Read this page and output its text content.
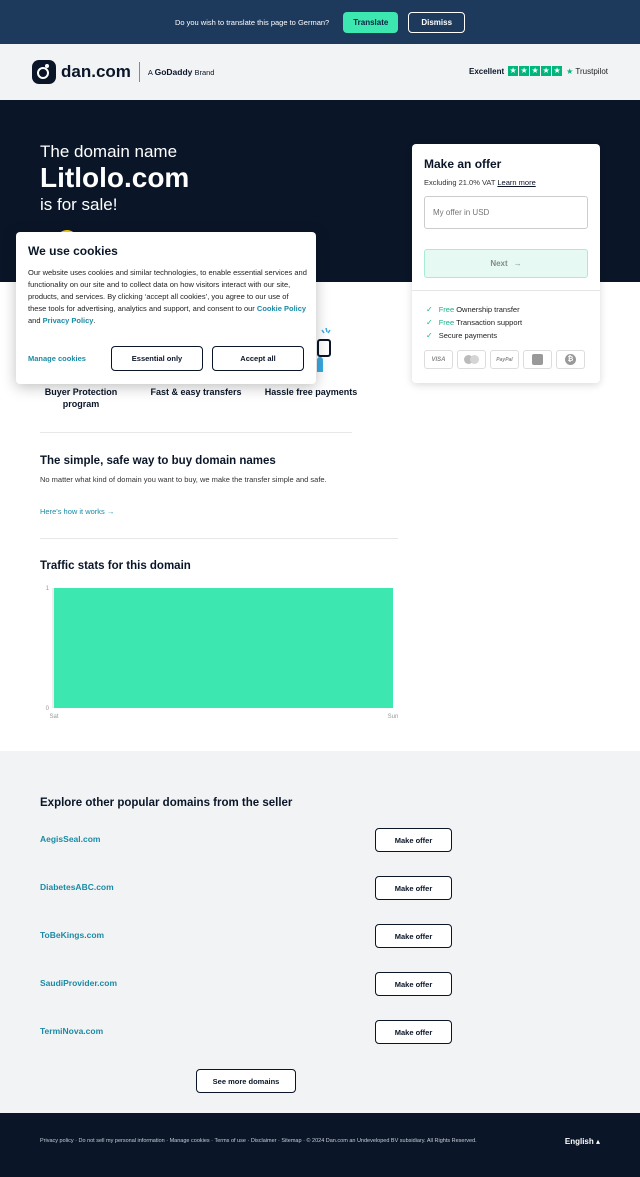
Do you wish to translate this page to German?	Translate	Dismiss
dan.com A GoDaddy Brand	Excellent ★ ★ ★ ★ ★ ★ Trustpilot
The domain name
Litlolo.com
is for sale!
Buyer Protection program
Fast & easy transfers	Hassle free payments
Make an offer
Excluding 21.0% VAT Learn more
My offer in USD
Next →
✓ Free Ownership transfer
✓ Free Transaction support
✓ Secure payments
VISA	PayPal	₿
The simple, safe way to buy domain names

No matter what kind of domain you want to buy, we make the transfer simple and safe.

Here's how it works →
Traffic stats for this domain
1
0
Sat	Sun
Explore other popular domains from the seller
AegisSeal.com	Make offer
DiabetesABC.com	Make offer
ToBeKings.com	Make offer
SaudiProvider.com	Make offer
TermiNova.com	Make offer
See more domains
Privacy policy · Do not sell my personal information · Manage cookies · Terms of use · Disclaimer · Sitemap · © 2024 Dan.com an Undeveloped BV subsidiary. All Rights Reserved.	English ▴
We use cookies

Our website uses cookies and similar technologies, to enable essential services and functionality on our site and to collect data on how visitors interact with our site, products, and services. By clicking ‘accept all cookies’, you agree to our use of these tools for advertising, analytics and support, and consent to our Cookie Policy and Privacy Policy.

Manage cookies	Essential only	Accept all
